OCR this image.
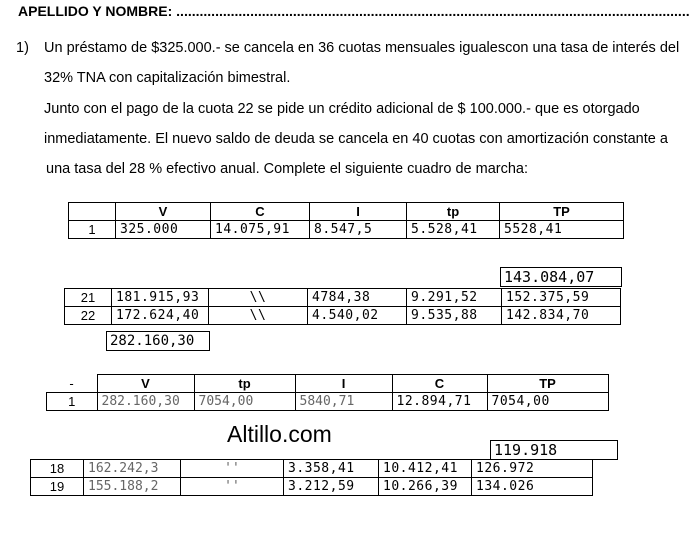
APELLIDO Y NOMBRE: ....................................................................................................................................
1) Un préstamo de $325.000.- se cancela en 36 cuotas mensuales igualescon una tasa de interés del
32% TNA con capitalización bimestral.
Junto con el pago de la cuota 22 se pide un crédito adicional de $ 100.000.- que es otorgado
inmediatamente. El nuevo saldo de deuda se cancela en 40 cuotas con amortización constante a
una tasa del 28 % efectivo anual. Complete el siguiente cuadro de marcha:
	V	C	I	tp	TP
1	325.000	14.075,91	8.547,5	5.528,41	5528,41
143.084,07
21	181.915,93	\\	4784,38	9.291,52	152.375,59
22	172.624,40	\\	4.540,02	9.535,88	142.834,70
282.160,30
-	V	tp	I	C	TP
1	282.160,30	7054,00	5840,71	12.894,71	7054,00
Altillo.com
119.918
18	162.242,3	''	3.358,41	10.412,41	126.972
19	155.188,2	''	3.212,59	10.266,39	134.026
